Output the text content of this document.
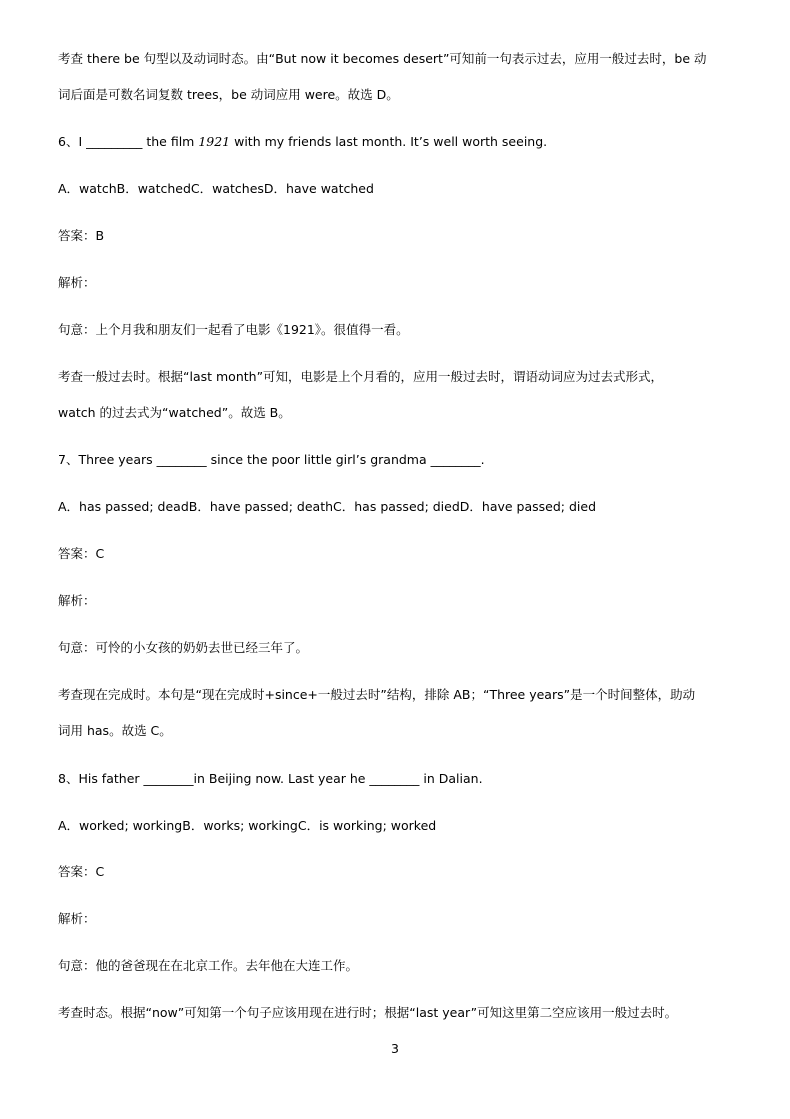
考查 there be 句型以及动词时态。由“But now it becomes desert”可知前一句表示过去，应用一般过去时，be 动
词后面是可数名词复数 trees，be 动词应用 were。故选 D。
6、I _________ the film 1921 with my friends last month. It’s well worth seeing.
A．watchB．watchedC．watchesD．have watched
答案：B
解析：
句意：上个月我和朋友们一起看了电影《1921》。很值得一看。
考查一般过去时。根据“last month”可知，电影是上个月看的，应用一般过去时，谓语动词应为过去式形式，
watch 的过去式为“watched”。故选 B。
7、Three years ________ since the poor little girl’s grandma ________.
A．has passed; deadB．have passed; deathC．has passed; diedD．have passed; died
答案：C
解析：
句意：可怜的小女孩的奶奶去世已经三年了。
考查现在完成时。本句是“现在完成时+since+一般过去时”结构，排除 AB；“Three years”是一个时间整体，助动
词用 has。故选 C。
8、His father ________in Beijing now. Last year he ________ in Dalian.
A．worked; workingB．works; workingC．is working; worked
答案：C
解析：
句意：他的爸爸现在在北京工作。去年他在大连工作。
考查时态。根据“now”可知第一个句子应该用现在进行时；根据“last year”可知这里第二空应该用一般过去时。
3
